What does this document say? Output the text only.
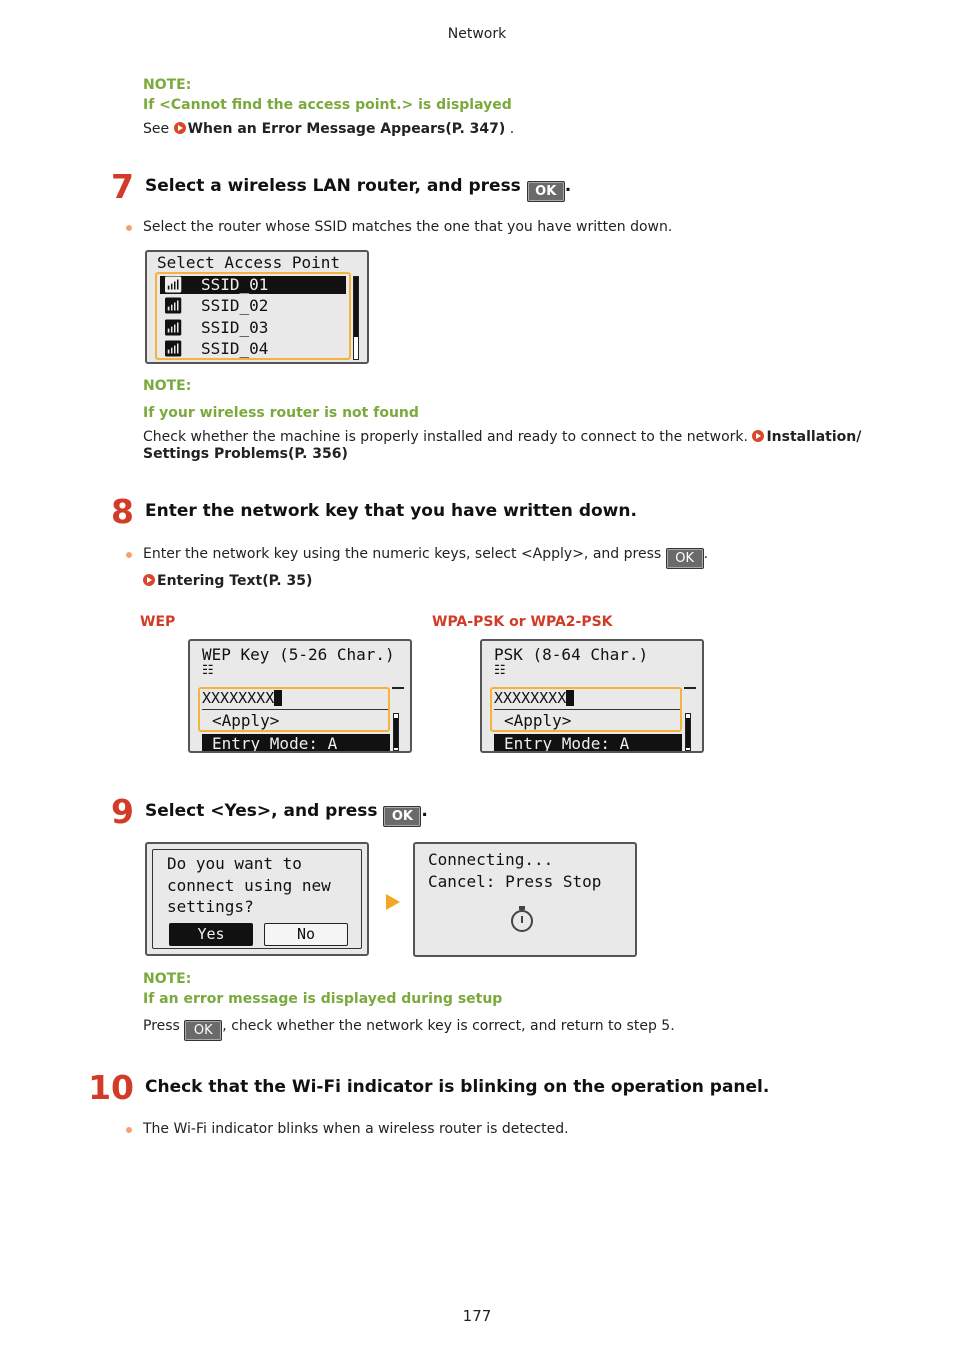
Network
NOTE:
If <Cannot find the access point.> is displayed
See When an Error Message Appears(P. 347) .
7 Select a wireless LAN router, and press OK .
Select the router whose SSID matches the one that you have written down.
Select Access Point
📶︎ SSID_01
📶︎ SSID_02
📶︎ SSID_03
📶︎ SSID_04
NOTE:
If your wireless router is not found
Check whether the machine is properly installed and ready to connect to the network. Installation/
Settings Problems(P. 356)
8 Enter the network key that you have written down.
Enter the network key using the numeric keys, select <Apply>, and press OK .
Entering Text(P. 35)
WEP	WPA-PSK or WPA2-PSK
WEP Key (5-26 Char.)
☷
XXXXXXXX
<Apply>
Entry Mode: A
PSK (8-64 Char.)
☷
XXXXXXXX
<Apply>
Entry Mode: A
9 Select <Yes>, and press OK .
Do you want to
connect using new
settings?
Yes	No
Connecting...
Cancel: Press Stop
NOTE:
If an error message is displayed during setup
Press OK , check whether the network key is correct, and return to step 5.
10 Check that the Wi-Fi indicator is blinking on the operation panel.
The Wi-Fi indicator blinks when a wireless router is detected.
177
